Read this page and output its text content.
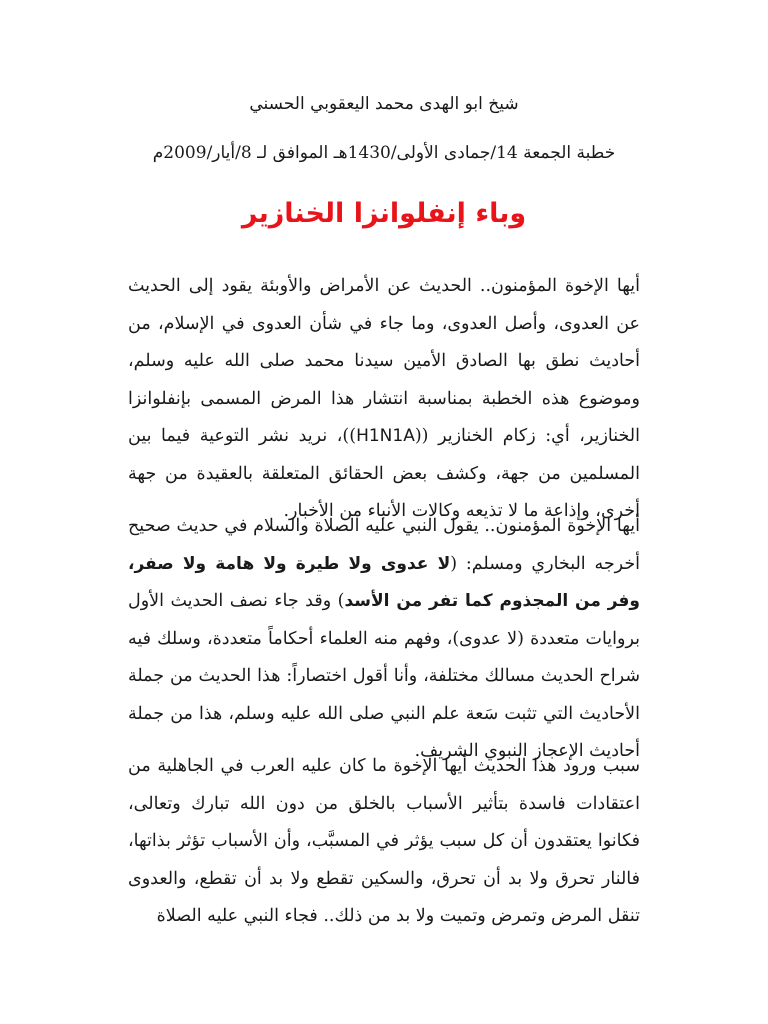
شيخ ابو الهدى محمد اليعقوبي الحسني
خطبة الجمعة 14/جمادى الأولى/1430هـ الموافق لـ 8/أيار/2009م
وباء إنفلوانزا الخنازير

أيها الإخوة المؤمنون.. الحديث عن الأمراض والأوبئة يقود إلى الحديث عن العدوى، وأصل العدوى، وما جاء في شأن العدوى في الإسلام، من أحاديث نطق بها الصادق الأمين سيدنا محمد صلى الله عليه وسلم، وموضوع هذه الخطبة بمناسبة انتشار هذا المرض المسمى بإنفلوانزا الخنازير، أي: زكام الخنازير ((H1N1A))، نريد نشر التوعية فيما بين المسلمين من جهة، وكشف بعض الحقائق المتعلقة بالعقيدة من جهة أخرى، وإذاعة ما لا تذيعه وكالات الأنباء من الأخبار.

أيها الإخوة المؤمنون.. يقول النبي عليه الصلاة والسلام في حديث صحيح أخرجه البخاري ومسلم: (لا عدوى ولا طيرة ولا هامة ولا صفر، وفر من المجذوم كما تفر من الأسد) وقد جاء نصف الحديث الأول بروايات متعددة (لا عدوى)، وفهم منه العلماء أحكاماً متعددة، وسلك فيه شراح الحديث مسالك مختلفة، وأنا أقول اختصاراً: هذا الحديث من جملة الأحاديث التي تثبت سَعة علم النبي صلى الله عليه وسلم، هذا من جملة أحاديث الإعجاز النبوي الشريف.

سبب ورود هذا الحديث أيها الإخوة ما كان عليه العرب في الجاهلية من اعتقادات فاسدة بتأثير الأسباب بالخلق من دون الله تبارك وتعالى، فكانوا يعتقدون أن كل سبب يؤثر في المسبَّب، وأن الأسباب تؤثر بذاتها، فالنار تحرق ولا بد أن تحرق، والسكين تقطع ولا بد أن تقطع، والعدوى تنقل المرض وتمرض وتميت ولا بد من ذلك.. فجاء النبي عليه الصلاة
